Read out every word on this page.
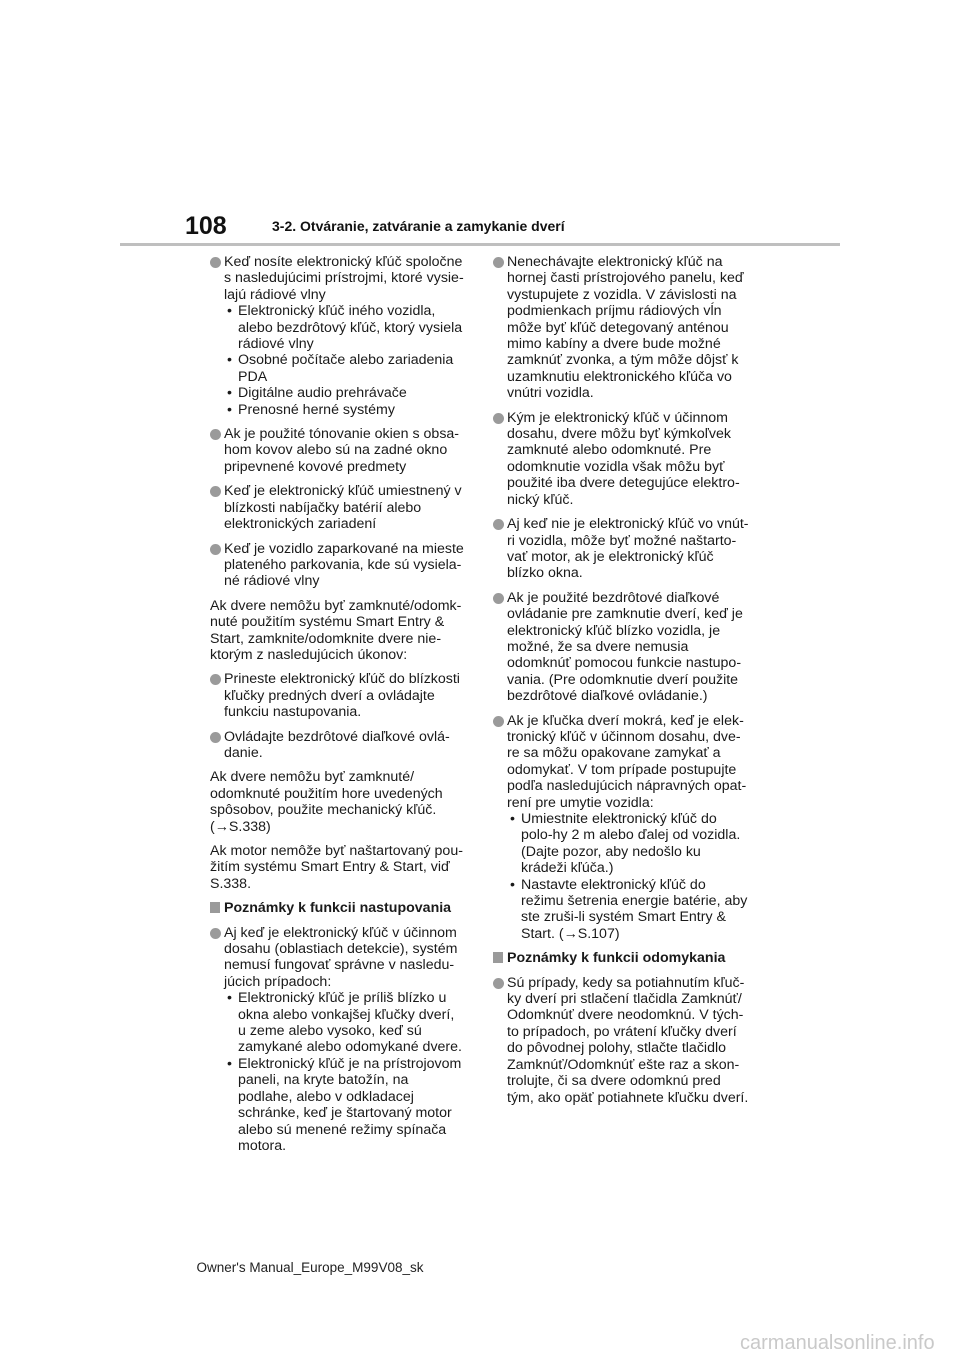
108	3-2. Otváranie, zatváranie a zamykanie dverí
Keď nosíte elektronický kľúč spoločne s nasledujúcimi prístrojmi, ktoré vysie-lajú rádiové vlny
• Elektronický kľúč iného vozidla, alebo bezdrôtový kľúč, ktorý vysiela rádiové vlny
• Osobné počítače alebo zariadenia PDA
• Digitálne audio prehrávače
• Prenosné herné systémy
Ak je použité tónovanie okien s obsa-hom kovov alebo sú na zadné okno pripevnené kovové predmety
Keď je elektronický kľúč umiestnený v blízkosti nabíjačky batérií alebo elektronických zariadení
Keď je vozidlo zaparkované na mieste plateného parkovania, kde sú vysiela-né rádiové vlny

Ak dvere nemôžu byť zamknuté/odomk-nuté použitím systému Smart Entry & Start, zamknite/odomknite dvere nie-ktorým z nasledujúcich úkonov:

Prineste elektronický kľúč do blízkosti kľučky predných dverí a ovládajte funkciu nastupovania.
Ovládajte bezdrôtové diaľkové ovlá-danie.

Ak dvere nemôžu byť zamknuté/ odomknuté použitím hore uvedených spôsobov, použite mechanický kľúč. (→S.338)

Ak motor nemôže byť naštartovaný pou-žitím systému Smart Entry & Start, viď S.338.

Poznámky k funkcii nastupovania
Aj keď je elektronický kľúč v účinnom dosahu (oblastiach detekcie), systém nemusí fungovať správne v nasledu-júcich prípadoch:
• Elektronický kľúč je príliš blízko u okna alebo vonkajšej kľučky dverí, u zeme alebo vysoko, keď sú zamykané alebo odomykané dvere.
• Elektronický kľúč je na prístrojovom paneli, na kryte batožín, na podlahe, alebo v odkladacej schránke, keď je štartovaný motor alebo sú menené režimy spínača motora.
Nenechávajte elektronický kľúč na hornej časti prístrojového panelu, keď vystupujete z vozidla. V závislosti na podmienkach príjmu rádiových vĺn môže byť kľúč detegovaný anténou mimo kabíny a dvere bude možné zamknúť zvonka, a tým môže dôjsť k uzamknutiu elektronického kľúča vo vnútri vozidla.
Kým je elektronický kľúč v účinnom dosahu, dvere môžu byť kýmkoľvek zamknuté alebo odomknuté. Pre odomknutie vozidla však môžu byť použité iba dvere detegujúce elektro-nický kľúč.
Aj keď nie je elektronický kľúč vo vnút-ri vozidla, môže byť možné naštarto-vať motor, ak je elektronický kľúč blízko okna.
Ak je použité bezdrôtové diaľkové ovládanie pre zamknutie dverí, keď je elektronický kľúč blízko vozidla, je možné, že sa dvere nemusia odomknúť pomocou funkcie nastupo-vania. (Pre odomknutie dverí použite bezdrôtové diaľkové ovládanie.)
Ak je kľučka dverí mokrá, keď je elek-tronický kľúč v účinnom dosahu, dve-re sa môžu opakovane zamykať a odomykať. V tom prípade postupujte podľa nasledujúcich nápravných opat-rení pre umytie vozidla:
• Umiestnite elektronický kľúč do polo-hy 2 m alebo ďalej od vozidla. (Dajte pozor, aby nedošlo ku krádeži kľúča.)
• Nastavte elektronický kľúč do režimu šetrenia energie batérie, aby ste zruši-li systém Smart Entry & Start. (→S.107)
Poznámky k funkcii odomykania
Sú prípady, kedy sa potiahnutím kľuč-ky dverí pri stlačení tlačidla Zamknúť/ Odomknúť dvere neodomknú. V tých-to prípadoch, po vrátení kľučky dverí do pôvodnej polohy, stlačte tlačidlo Zamknúť/Odomknúť ešte raz a skon-trolujte, či sa dvere odomknú pred tým, ako opäť potiahnete kľučku dverí.
Owner's Manual_Europe_M99V08_sk
carmanualsonline.info
